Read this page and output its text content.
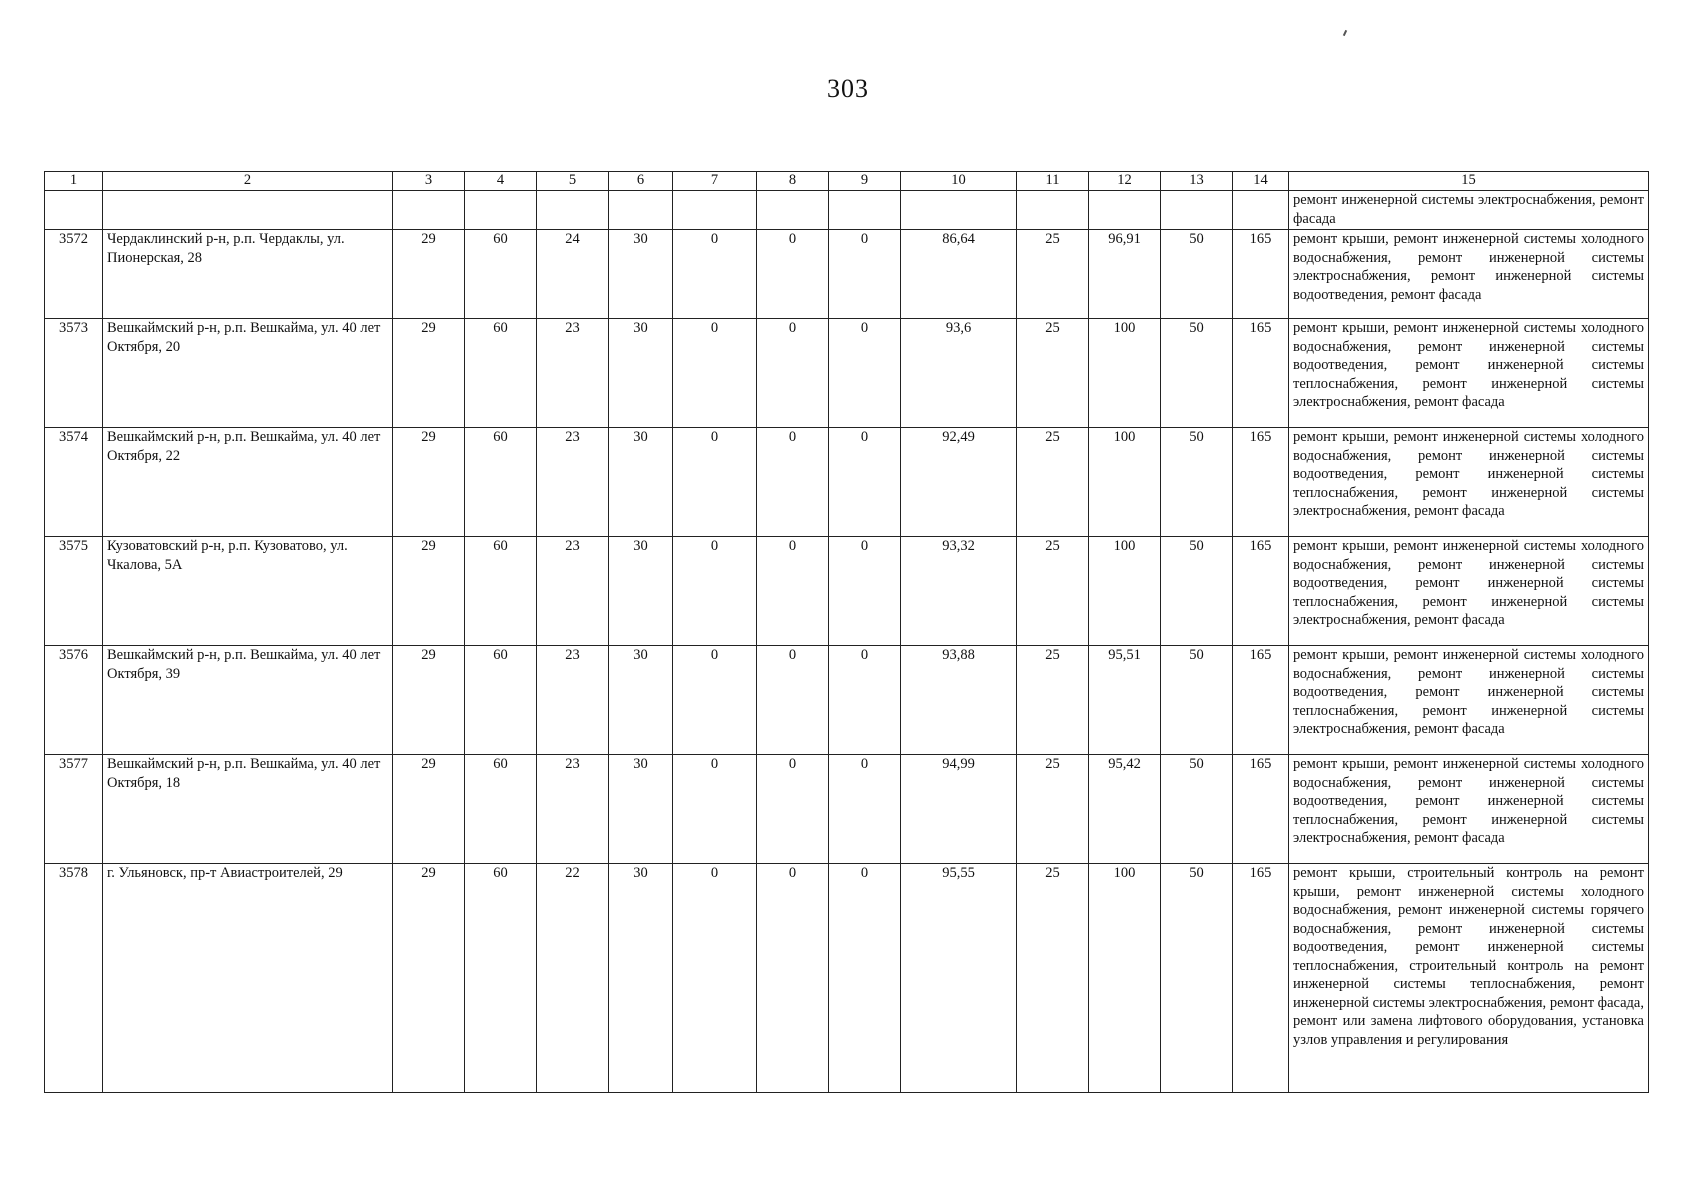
303
1	2	3	4	5	6	7	8	9	10	11	12	13	14	15
														ремонт инженерной системы электроснабжения, ремонт фасада
3572	Чердаклинский р-н, р.п. Чердаклы, ул. Пионерская, 28	29	60	24	30	0	0	0	86,64	25	96,91	50	165	ремонт крыши, ремонт инженерной системы холодного водоснабжения, ремонт инженерной системы электроснабжения, ремонт инженерной системы водоотведения, ремонт фасада
3573	Вешкаймский р-н, р.п. Вешкайма, ул. 40 лет Октября, 20	29	60	23	30	0	0	0	93,6	25	100	50	165	ремонт крыши, ремонт инженерной системы холодного водоснабжения, ремонт инженерной системы водоотведения, ремонт инженерной системы теплоснабжения, ремонт инженерной системы электроснабжения, ремонт фасада
3574	Вешкаймский р-н, р.п. Вешкайма, ул. 40 лет Октября, 22	29	60	23	30	0	0	0	92,49	25	100	50	165	ремонт крыши, ремонт инженерной системы холодного водоснабжения, ремонт инженерной системы водоотведения, ремонт инженерной системы теплоснабжения, ремонт инженерной системы электроснабжения, ремонт фасада
3575	Кузоватовский р-н, р.п. Кузоватово, ул. Чкалова, 5А	29	60	23	30	0	0	0	93,32	25	100	50	165	ремонт крыши, ремонт инженерной системы холодного водоснабжения, ремонт инженерной системы водоотведения, ремонт инженерной системы теплоснабжения, ремонт инженерной системы электроснабжения, ремонт фасада
3576	Вешкаймский р-н, р.п. Вешкайма, ул. 40 лет Октября, 39	29	60	23	30	0	0	0	93,88	25	95,51	50	165	ремонт крыши, ремонт инженерной системы холодного водоснабжения, ремонт инженерной системы водоотведения, ремонт инженерной системы теплоснабжения, ремонт инженерной системы электроснабжения, ремонт фасада
3577	Вешкаймский р-н, р.п. Вешкайма, ул. 40 лет Октября, 18	29	60	23	30	0	0	0	94,99	25	95,42	50	165	ремонт крыши, ремонт инженерной системы холодного водоснабжения, ремонт инженерной системы водоотведения, ремонт инженерной системы теплоснабжения, ремонт инженерной системы электроснабжения, ремонт фасада
3578	г. Ульяновск, пр-т Авиастроителей, 29	29	60	22	30	0	0	0	95,55	25	100	50	165	ремонт крыши, строительный контроль на ремонт крыши, ремонт инженерной системы холодного водоснабжения, ремонт инженерной системы горячего водоснабжения, ремонт инженерной системы водоотведения, ремонт инженерной системы теплоснабжения, строительный контроль на ремонт инженерной системы теплоснабжения, ремонт инженерной системы электроснабжения, ремонт фасада, ремонт или замена лифтового оборудования, установка узлов управления и регулирования
